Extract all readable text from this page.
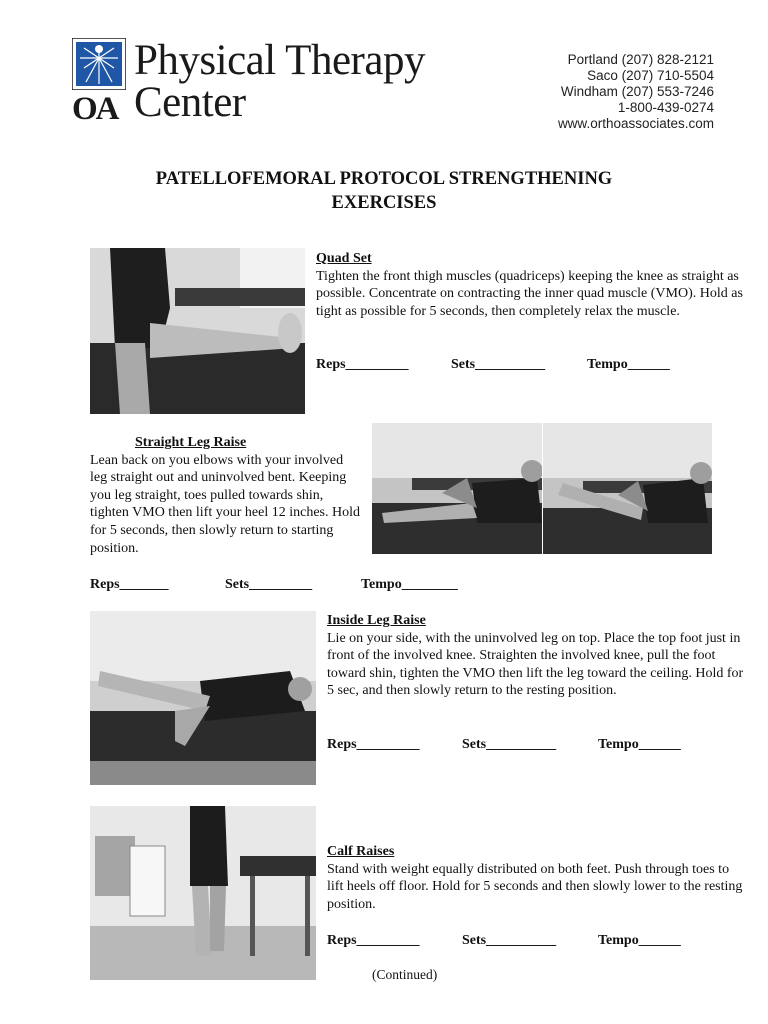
OA
Physical Therapy
Center
Portland (207) 828-2121
Saco (207) 710-5504
Windham (207) 553-7246
1-800-439-0274
www.orthoassociates.com
PATELLOFEMORAL PROTOCOL STRENGTHENING
EXERCISES
Quad Set
Tighten the front thigh muscles (quadriceps) keeping the knee as straight as possible. Concentrate on contracting the inner quad muscle (VMO). Hold as tight as possible for 5 seconds, then completely relax the muscle.
Reps_________	Sets__________	Tempo______
Straight Leg Raise
Lean back on you elbows with your involved leg straight out and uninvolved bent. Keeping you leg straight, toes pulled towards shin, tighten VMO then lift your heel 12 inches. Hold for 5 seconds, then slowly return to starting position.
Reps_______	Sets_________	Tempo________
Inside Leg Raise
Lie on your side, with the uninvolved leg on top. Place the top foot just in front of the involved knee. Straighten the involved knee, pull the foot toward shin, tighten the VMO then lift the leg toward the ceiling. Hold for 5 sec, and then slowly return to the resting position.
Reps_________	Sets__________	Tempo______
Calf Raises
Stand with weight equally distributed on both feet. Push through toes to lift heels off floor. Hold for 5 seconds and then slowly lower to the resting position.
Reps_________	Sets__________	Tempo______
(Continued)
